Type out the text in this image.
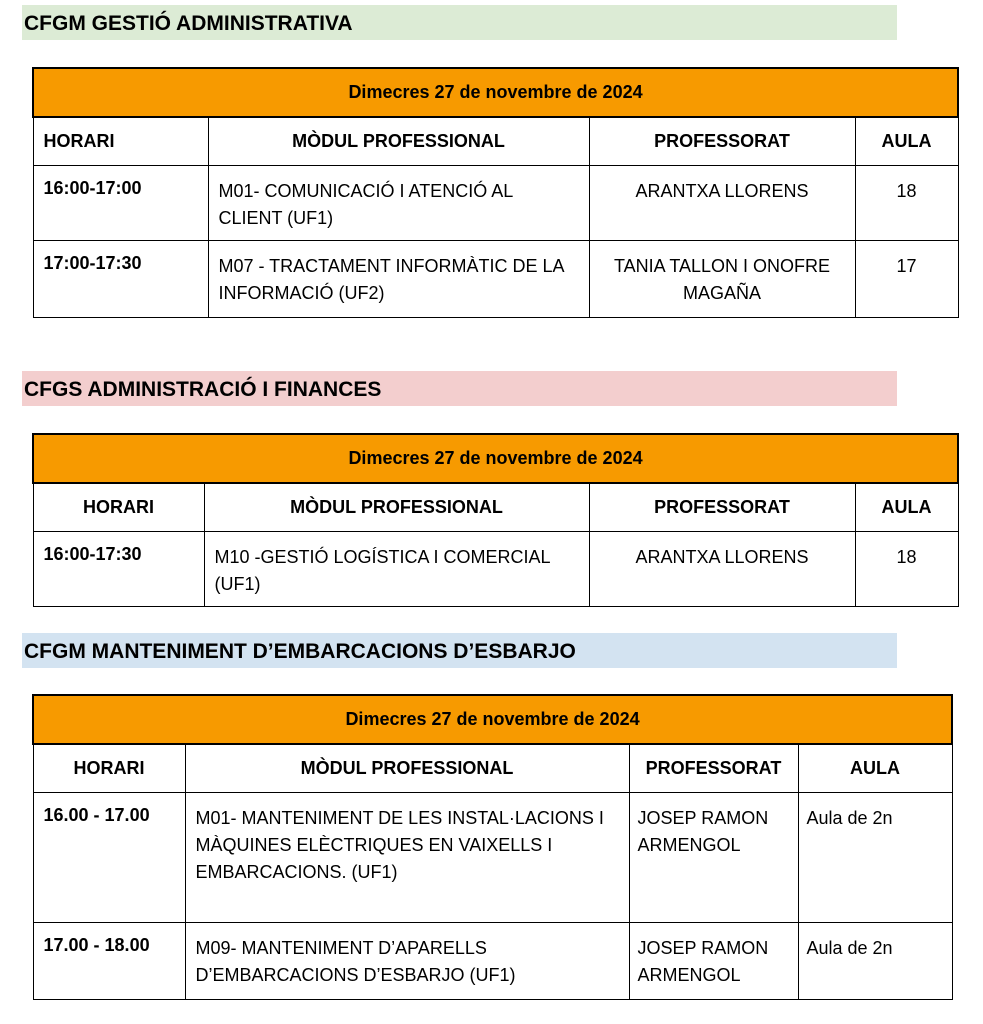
CFGM GESTIÓ ADMINISTRATIVA
Dimecres 27 de novembre de 2024			
HORARI	MÒDUL PROFESSIONAL	PROFESSORAT	AULA
16:00-17:00	M01- COMUNICACIÓ I ATENCIÓ AL CLIENT (UF1)	ARANTXA LLORENS	18
17:00-17:30	M07 - TRACTAMENT INFORMÀTIC DE LA INFORMACIÓ (UF2)	TANIA TALLON I ONOFRE MAGAÑA	17
CFGS ADMINISTRACIÓ I FINANCES
Dimecres 27 de novembre de 2024			
HORARI	MÒDUL PROFESSIONAL	PROFESSORAT	AULA
16:00-17:30	M10 -GESTIÓ LOGÍSTICA I COMERCIAL (UF1)	ARANTXA LLORENS	18
CFGM MANTENIMENT D’EMBARCACIONS D’ESBARJO
Dimecres 27 de novembre de 2024			
HORARI	MÒDUL PROFESSIONAL	PROFESSORAT	AULA
16.00 - 17.00	M01- MANTENIMENT DE LES INSTAL·LACIONS I MÀQUINES ELÈCTRIQUES EN VAIXELLS I EMBARCACIONS. (UF1)	JOSEP RAMON ARMENGOL	Aula de 2n
17.00 - 18.00	M09- MANTENIMENT D’APARELLS D’EMBARCACIONS D’ESBARJO (UF1)	JOSEP RAMON ARMENGOL	Aula de 2n
